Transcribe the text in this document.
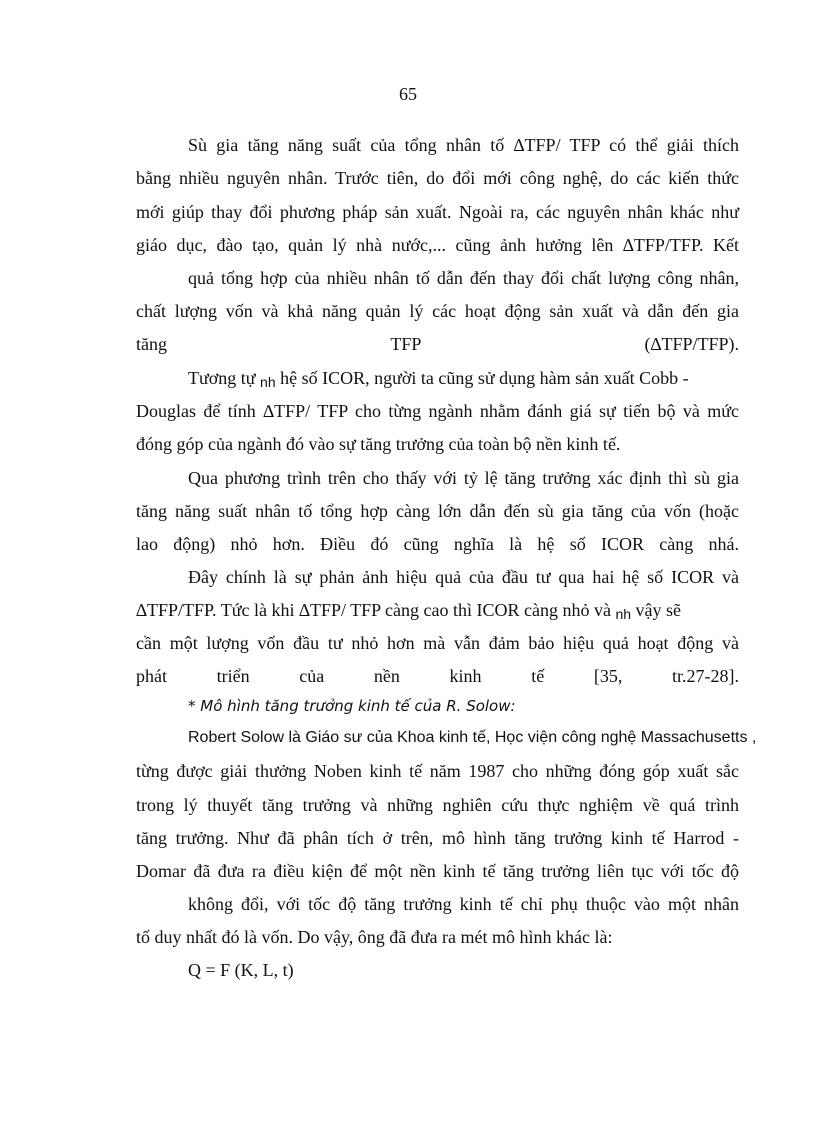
65
Sù gia tăng năng suất của tổng nhân tố ∆TFP/ TFP có thể giải thích
bằng nhiều nguyên nhân. Trước tiên, do đổi mới công nghệ, do các kiến thức
mới giúp thay đổi phương pháp sản xuất. Ngoài ra, các nguyên nhân khác như
giáo dục, đào tạo, quản lý nhà nước,... cũng ảnh hưởng lên ∆TFP/TFP. Kết
quả tổng hợp của nhiều nhân tố dẫn đến thay đổi chất lượng công nhân,
chất lượng vốn và khả năng quản lý các hoạt động sản xuất và dẫn đến gia
tăng TFP (∆TFP/TFP).
Tương tự nh hệ số ICOR, người ta cũng sử dụng hàm sản xuất Cobb -
Douglas để tính ∆TFP/ TFP cho từng ngành nhằm đánh giá sự tiến bộ và mức
đóng góp của ngành đó vào sự tăng trưởng của toàn bộ nền kinh tế.
Qua phương trình trên cho thấy với tỷ lệ tăng trưởng xác định thì sù gia
tăng năng suất nhân tố tổng hợp càng lớn dẫn đến sù gia tăng của vốn (hoặc
lao động) nhỏ hơn. Điều đó cũng nghĩa là hệ số ICOR càng nhá.
Đây chính là sự phản ảnh hiệu quả của đầu tư qua hai hệ số ICOR và
∆TFP/TFP. Tức là khi ∆TFP/ TFP càng cao thì ICOR càng nhỏ và nh vậy sẽ
cần một lượng vốn đầu tư nhỏ hơn mà vẫn đảm bảo hiệu quả hoạt động và
phát triển của nền kinh tế [35, tr.27-28].
* Mô hình tăng trưởng kinh tế của R. Solow:
Robert Solow là Giáo sư của Khoa kinh tế, Học viện công nghệ Massachusetts ,
từng được giải thưởng Noben kinh tế năm 1987 cho những đóng góp xuất sắc
trong lý thuyết tăng trưởng và những nghiên cứu thực nghiệm về quá trình
tăng trưởng. Như đã phân tích ở trên, mô hình tăng trưởng kinh tế Harrod -
Domar đã đưa ra điều kiện để một nền kinh tế tăng trưởng liên tục với tốc độ
không đổi, với tốc độ tăng trưởng kinh tế chỉ phụ thuộc vào một nhân
tố duy nhất đó là vốn. Do vậy, ông đã đưa ra mét mô hình khác là:
Q = F (K, L, t)
